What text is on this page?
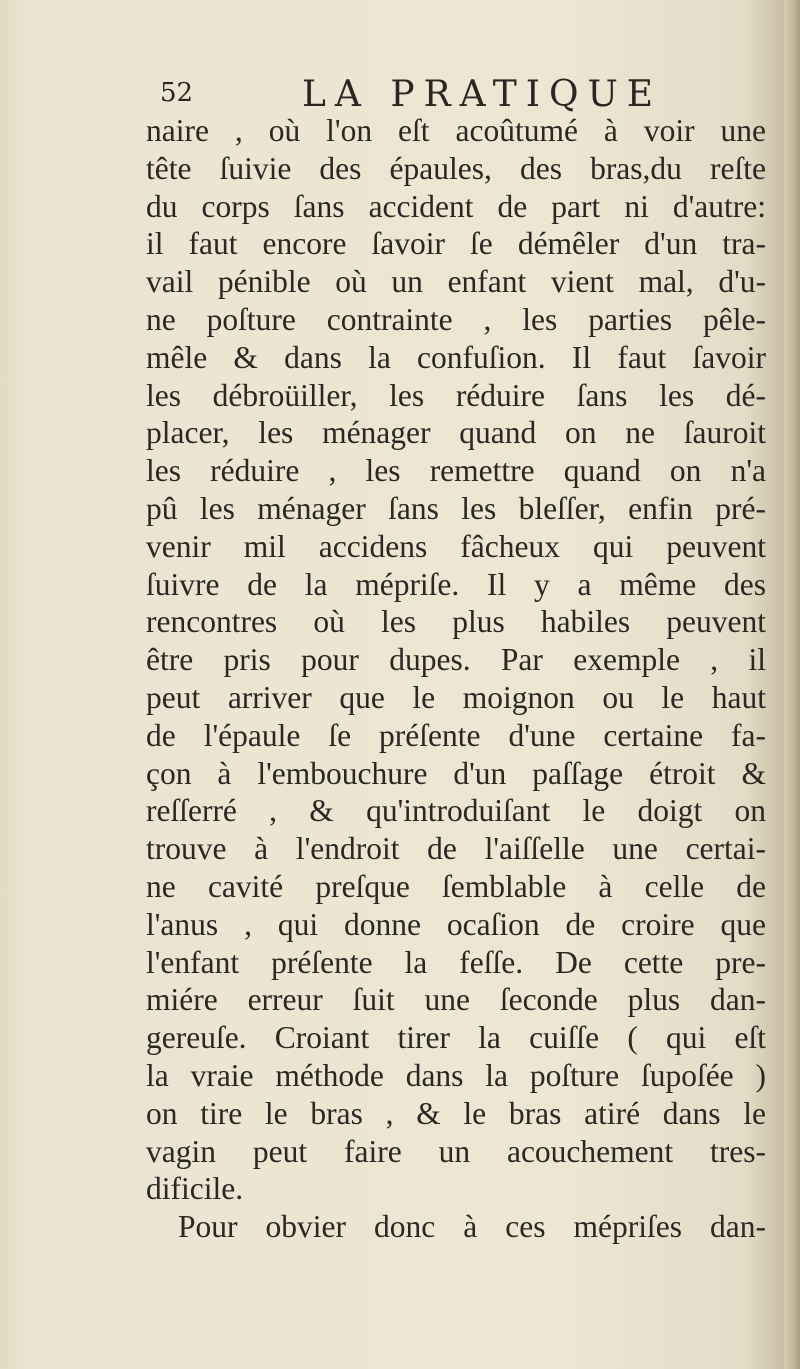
52	LA PRATIQUE
naire , où l'on eſt acoûtumé à voir une
tête ſuivie des épaules, des bras,du reſte
du corps ſans accident de part ni d'autre:
il faut encore ſavoir ſe démêler d'un tra-
vail pénible où un enfant vient mal, d'u-
ne poſture contrainte , les parties pêle-
mêle & dans la confuſion. Il faut ſavoir
les débroüiller, les réduire ſans les dé-
placer, les ménager quand on ne ſauroit
les réduire , les remettre quand on n'a
pû les ménager ſans les bleſſer, enfin pré-
venir mil accidens fâcheux qui peuvent
ſuivre de la mépriſe. Il y a même des
rencontres où les plus habiles peuvent
être pris pour dupes. Par exemple , il
peut arriver que le moignon ou le haut
de l'épaule ſe préſente d'une certaine fa-
çon à l'embouchure d'un paſſage étroit &
reſſerré , & qu'introduiſant le doigt on
trouve à l'endroit de l'aiſſelle une certai-
ne cavité preſque ſemblable à celle de
l'anus , qui donne ocaſion de croire que
l'enfant préſente la feſſe. De cette pre-
miére erreur ſuit une ſeconde plus dan-
gereuſe. Croiant tirer la cuiſſe ( qui eſt
la vraie méthode dans la poſture ſupoſée )
on tire le bras , & le bras atiré dans le
vagin peut faire un acouchement tres-
dificile.
Pour obvier donc à ces mépriſes dan-
